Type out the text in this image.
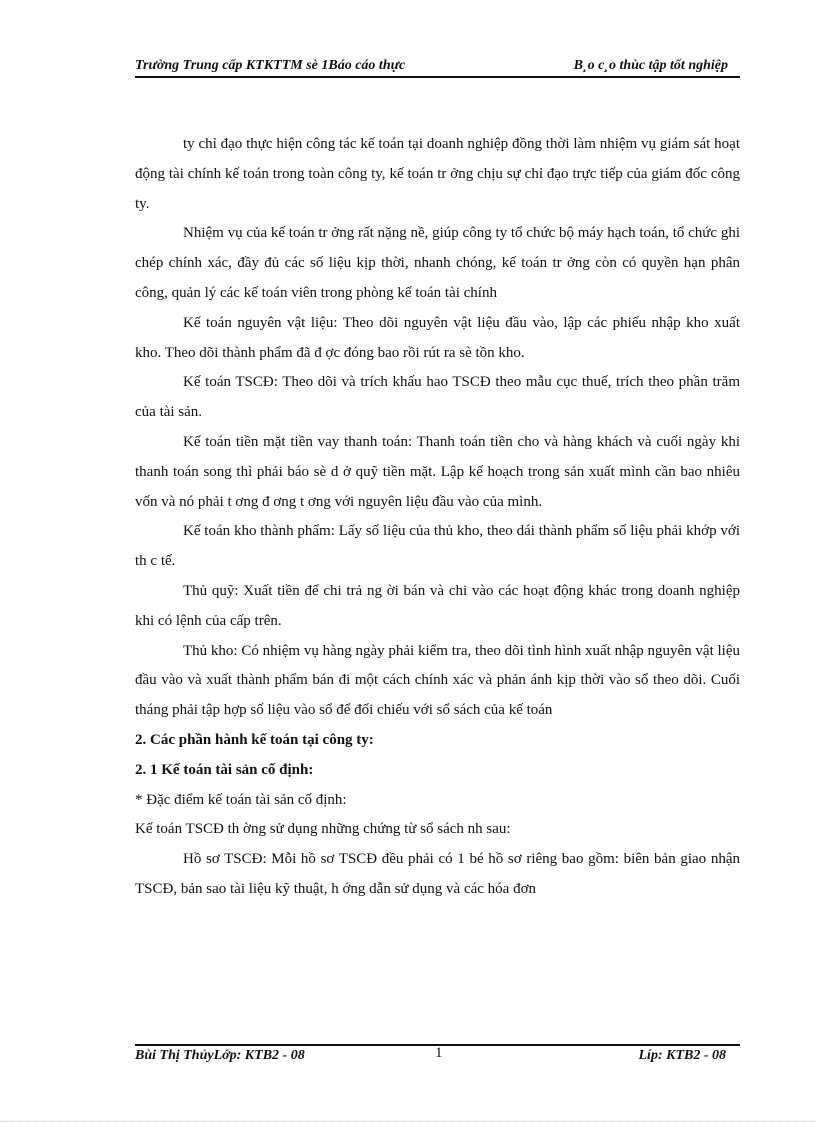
Trường Trung cấp KTKTTM sè 1Báo cáo thực	B¸o c¸o thùc tập tốt nghiệp

ty chỉ đạo thực hiện công tác kế toán tại doanh nghiệp đồng thời làm nhiệm vụ giám sát hoạt động tài chính kế toán trong toàn công ty, kế toán tr ởng chịu sự chỉ đạo trực tiếp của giám đốc công ty.

Nhiệm vụ của kế toán tr ởng rất nặng nề, giúp công ty tổ chức bộ máy hạch toán, tổ chức ghi chép chính xác, đầy đủ các số liệu kịp thời, nhanh chóng, kế toán tr ởng còn có quyền hạn phân công, quản lý các kế toán viên trong phòng kế toán tài chính

Kế toán nguyên vật liệu: Theo dõi nguyên vật liệu đầu vào, lập các phiếu nhập kho xuất kho. Theo dõi thành phẩm đã đ ợc đóng bao rồi rút ra sè tồn kho.

Kế toán TSCĐ: Theo dõi và trích khấu hao TSCĐ theo mẫu cục thuế, trích theo phần trăm của tài sản.

Kế toán tiền mặt tiền vay thanh toán: Thanh toán tiền cho và hàng khách và cuối ngày khi thanh toán song thì phải báo sè d ở quỹ tiền mặt. Lập kế hoạch trong sản xuất mình cần bao nhiêu vốn và nó phải t ơng đ ơng t ơng với nguyên liệu đầu vào của mình.

Kế toán kho thành phẩm: Lấy số liệu của thủ kho, theo dái thành phẩm số liệu phải khớp với th c tế.

Thủ quỹ: Xuất tiền để chi trả ng ời bán và chi vào các hoạt động khác trong doanh nghiệp khi có lệnh của cấp trên.

Thủ kho: Có nhiệm vụ hàng ngày phải kiểm tra, theo dõi tình hình xuất nhập nguyên vật liệu đầu vào và xuất thành phẩm bán đi một cách chính xác và phản ánh kịp thời vào sổ theo dõi. Cuối tháng phải tập hợp số liệu vào sổ để đối chiếu với sổ sách của kế toán

2. Các phần hành kế toán tại công ty:

2. 1 Kế toán tài sản cố định:

* Đặc điểm kế toán tài sản cố định:

Kế toán TSCĐ th ờng sử dụng những chứng từ sổ sách nh sau:

Hồ sơ TSCĐ: Mỗi hồ sơ TSCĐ đều phải có 1 bé hồ sơ riêng bao gồm: biên bản giao nhận TSCĐ, bản sao tài liệu kỹ thuật, h ớng dẫn sử dụng và các hóa đơn

Bùi Thị ThủyLớp: KTB2 - 08	1	Líp: KTB2 - 08
